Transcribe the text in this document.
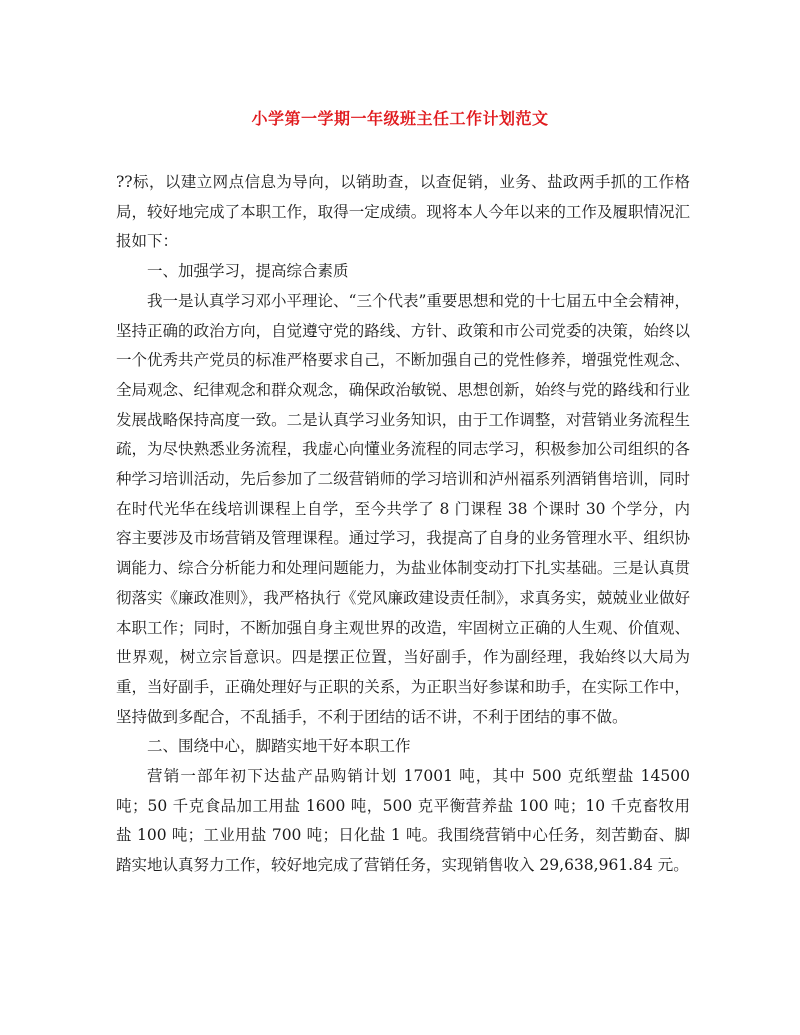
小学第一学期一年级班主任工作计划范文

??标，以建立网点信息为导向，以销助查，以查促销，业务、盐政两手抓的工作格局，较好地完成了本职工作，取得一定成绩。现将本人今年以来的工作及履职情况汇报如下：

一、加强学习，提高综合素质

我一是认真学习邓小平理论、“三个代表”重要思想和党的十七届五中全会精神，坚持正确的政治方向，自觉遵守党的路线、方针、政策和市公司党委的决策，始终以一个优秀共产党员的标准严格要求自己，不断加强自己的党性修养，增强党性观念、全局观念、纪律观念和群众观念，确保政治敏锐、思想创新，始终与党的路线和行业发展战略保持高度一致。二是认真学习业务知识，由于工作调整，对营销业务流程生疏，为尽快熟悉业务流程，我虚心向懂业务流程的同志学习，积极参加公司组织的各种学习培训活动，先后参加了二级营销师的学习培训和泸州福系列酒销售培训，同时在时代光华在线培训课程上自学，至今共学了 8 门课程 38 个课时 30 个学分，内容主要涉及市场营销及管理课程。通过学习，我提高了自身的业务管理水平、组织协调能力、综合分析能力和处理问题能力，为盐业体制变动打下扎实基础。三是认真贯彻落实《廉政准则》，我严格执行《党风廉政建设责任制》，求真务实，兢兢业业做好本职工作；同时，不断加强自身主观世界的改造，牢固树立正确的人生观、价值观、世界观，树立宗旨意识。四是摆正位置，当好副手，作为副经理，我始终以大局为重，当好副手，正确处理好与正职的关系，为正职当好参谋和助手，在实际工作中，坚持做到多配合，不乱插手，不利于团结的话不讲，不利于团结的事不做。

二、围绕中心，脚踏实地干好本职工作

营销一部年初下达盐产品购销计划 17001 吨，其中 500 克纸塑盐 14500 吨；50 千克食品加工用盐 1600 吨，500 克平衡营养盐 100 吨；10 千克畜牧用盐 100 吨；工业用盐 700 吨；日化盐 1 吨。我围绕营销中心任务，刻苦勤奋、脚踏实地认真努力工作，较好地完成了营销任务，实现销售收入 29,638,961.84 元。
